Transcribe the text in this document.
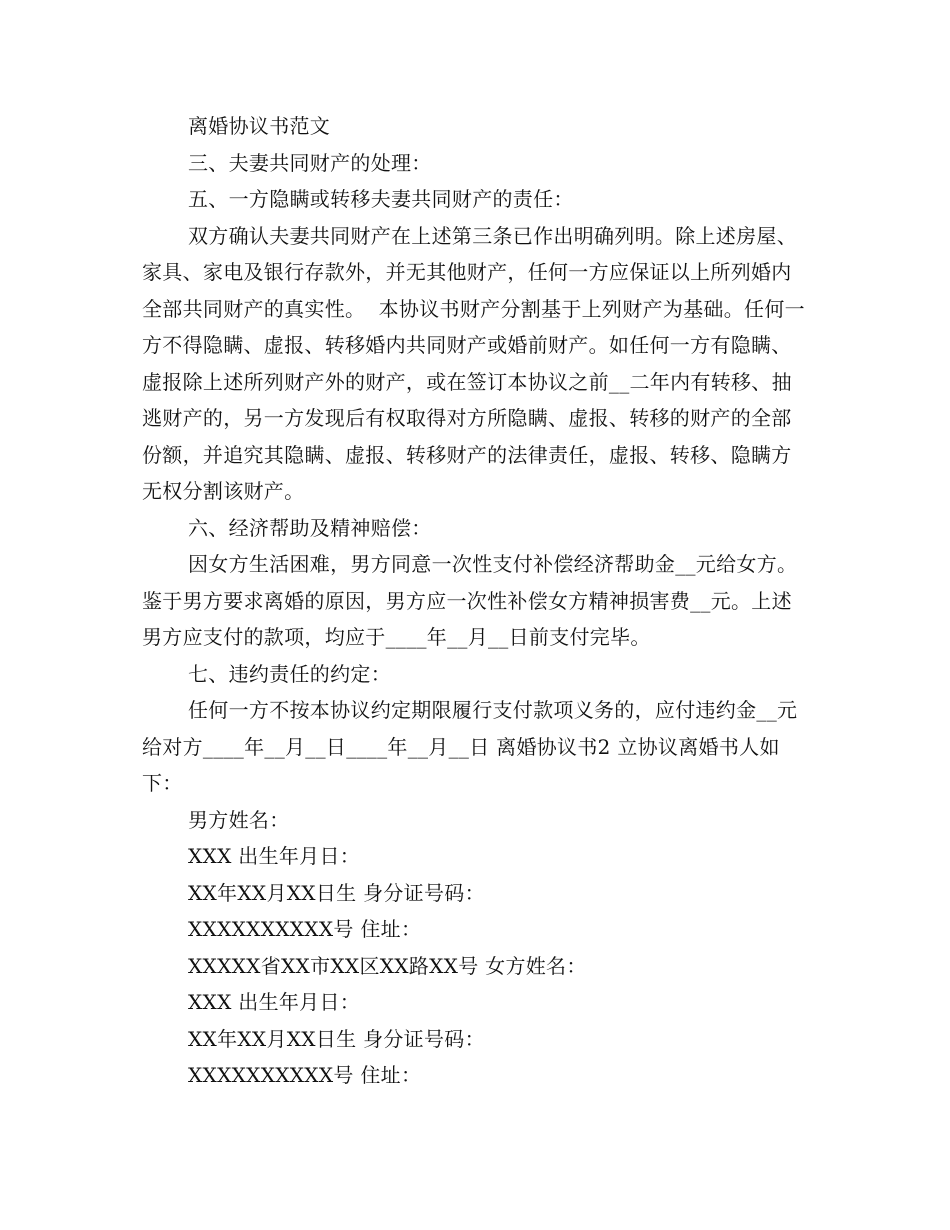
离婚协议书范文

三、夫妻共同财产的处理：

五、一方隐瞒或转移夫妻共同财产的责任：

双方确认夫妻共同财产在上述第三条已作出明确列明。除上述房屋、家具、家电及银行存款外，并无其他财产，任何一方应保证以上所列婚内全部共同财产的真实性。  本协议书财产分割基于上列财产为基础。任何一方不得隐瞒、虚报、转移婚内共同财产或婚前财产。如任何一方有隐瞒、虚报除上述所列财产外的财产，或在签订本协议之前__二年内有转移、抽逃财产的，另一方发现后有权取得对方所隐瞒、虚报、转移的财产的全部份额，并追究其隐瞒、虚报、转移财产的法律责任，虚报、转移、隐瞒方无权分割该财产。

六、经济帮助及精神赔偿：

因女方生活困难，男方同意一次性支付补偿经济帮助金__元给女方。鉴于男方要求离婚的原因，男方应一次性补偿女方精神损害费__元。上述男方应支付的款项，均应于____年__月__日前支付完毕。

七、违约责任的约定：

任何一方不按本协议约定期限履行支付款项义务的，应付违约金__元给对方____年__月__日____年__月__日 离婚协议书2 立协议离婚书人如下：

男方姓名：

XXX 出生年月日：

XX年XX月XX日生 身分证号码：

XXXXXXXXXX号 住址：

XXXXX省XX市XX区XX路XX号 女方姓名：

XXX 出生年月日：

XX年XX月XX日生 身分证号码：

XXXXXXXXXX号 住址：
